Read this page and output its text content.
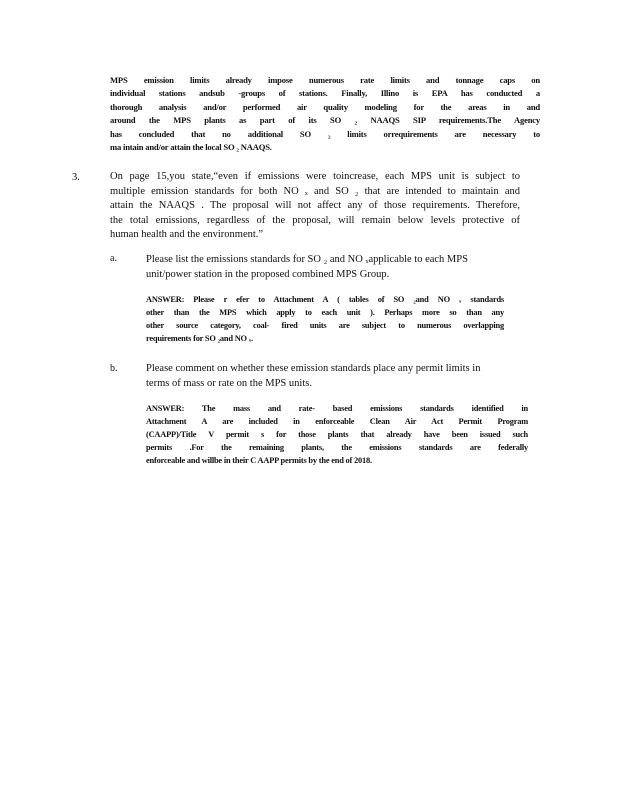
MPS emission limits already impose numerous rate limits and tonnage caps on
individual stations andsub -groups of stations. Finally, Illino is EPA has conducted a
thorough analysis and/or performed air quality modeling for the areas in and
around the MPS plants as part of its SO ₂ NAAQS SIP requirements.The Agency
has concluded that no additional SO ₂ limits orrequirements are necessary to
ma intain and/or attain the local SO ₂ NAAQS.
3.	On page 15,you state,“even if emissions were toincrease, each MPS unit is subject to
multiple emission standards for both NO ₓ and SO ₂ that are intended to maintain and
attain the NAAQS . The proposal will not affect any of those requirements. Therefore,
the total emissions, regardless of the proposal, will remain below levels protective of
human health and the environment.”
a.	Please list the emissions standards for SO ₂ and NO ₓapplicable to each MPS
unit/power station in the proposed combined MPS Group.
ANSWER: Please r efer to Attachment A ( tables of SO ₂and NO ₓ standards
other than the MPS which apply to each unit ). Perhaps more so than any
other source category, coal- fired units are subject to numerous overlapping
requirements for SO ₂and NO ₓ.
b.	Please comment on whether these emission standards place any permit limits in
terms of mass or rate on the MPS units.
ANSWER: The mass and rate- based emissions standards identified in
Attachment A are included in enforceable Clean Air Act Permit Program
(CAAPP)/Title V permit s for those plants that already have been issued such
permits .For the remaining plants, the emissions standards are federally
enforceable and willbe in their C AAPP permits by the end of 2018.
